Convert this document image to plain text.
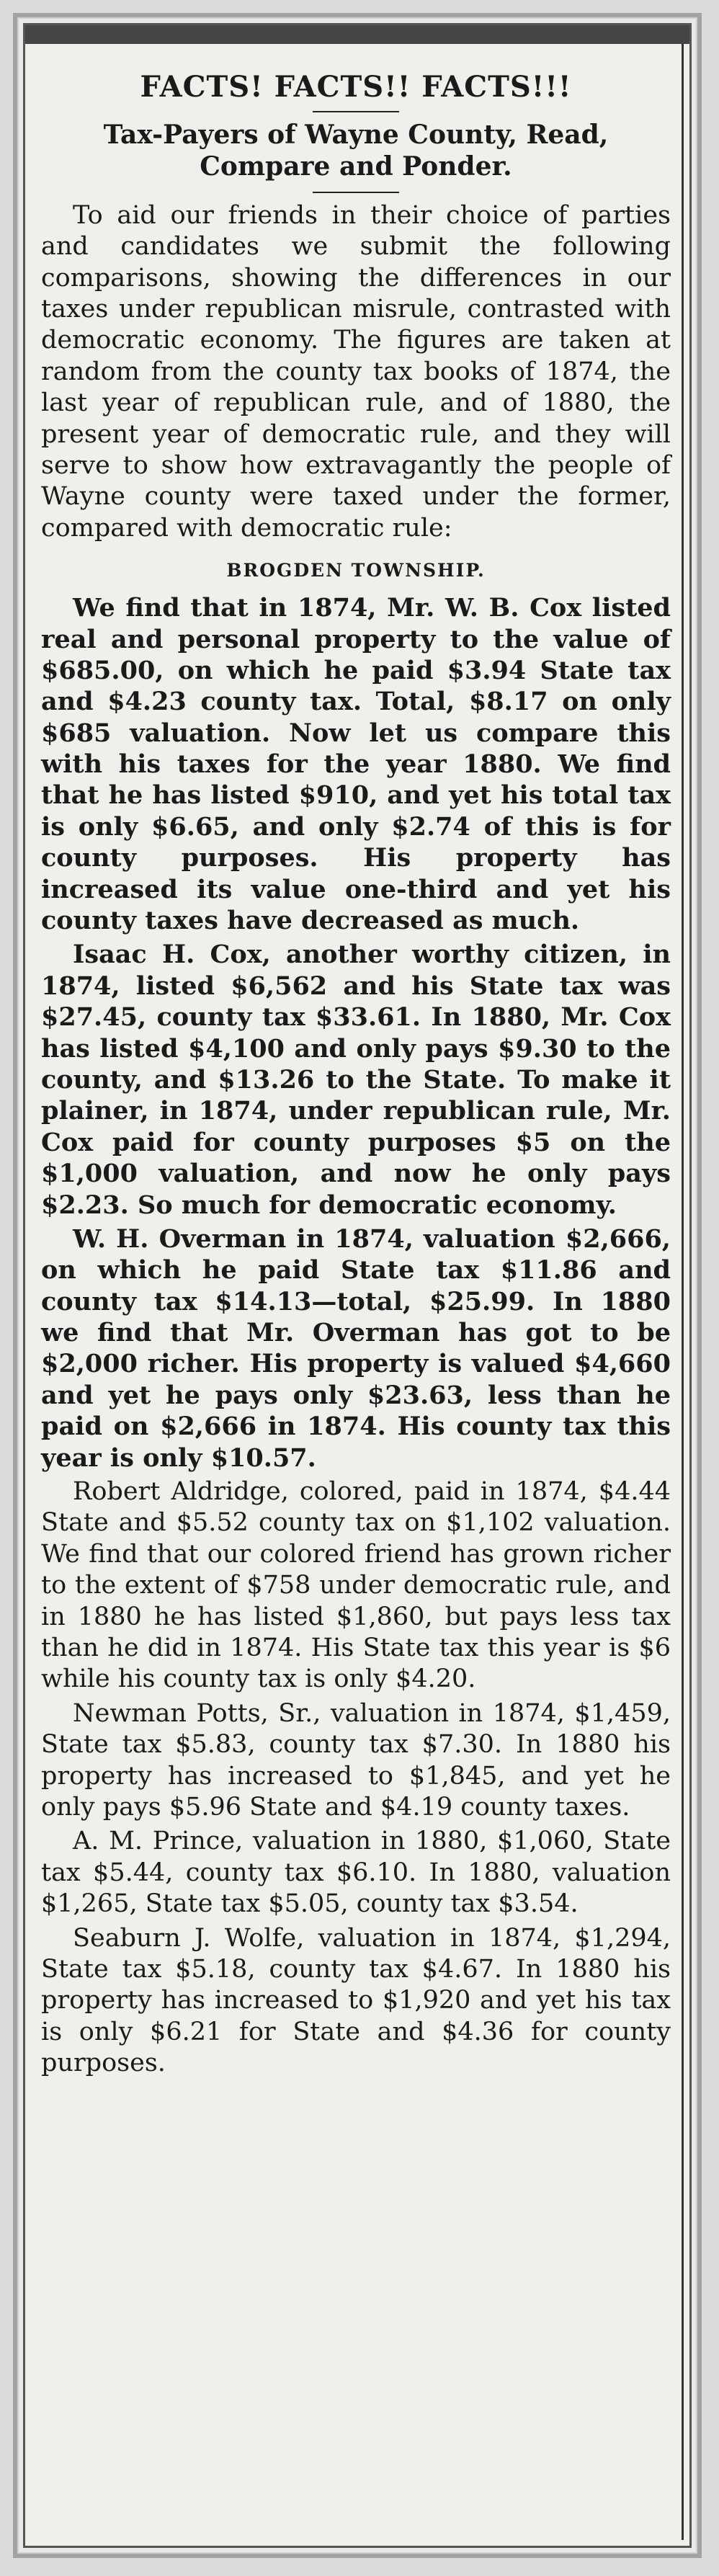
FACTS! FACTS!! FACTS!!!
Tax-Payers of Wayne County, Read, Compare and Ponder.

To aid our friends in their choice of parties and candidates we submit the following comparisons, showing the differences in our taxes under republican misrule, contrasted with democratic economy. The figures are taken at random from the county tax books of 1874, the last year of republican rule, and of 1880, the present year of democratic rule, and they will serve to show how extravagantly the people of Wayne county were taxed under the former, compared with democratic rule:

BROGDEN TOWNSHIP.

We find that in 1874, Mr. W. B. Cox listed real and personal property to the value of $685.00, on which he paid $3.94 State tax and $4.23 county tax. Total, $8.17 on only $685 valuation. Now let us compare this with his taxes for the year 1880. We find that he has listed $910, and yet his total tax is only $6.65, and only $2.74 of this is for county purposes. His property has increased its value one-third and yet his county taxes have decreased as much.

Isaac H. Cox, another worthy citizen, in 1874, listed $6,562 and his State tax was $27.45, county tax $33.61. In 1880, Mr. Cox has listed $4,100 and only pays $9.30 to the county, and $13.26 to the State. To make it plainer, in 1874, under republican rule, Mr. Cox paid for county purposes $5 on the $1,000 valuation, and now he only pays $2.23. So much for democratic economy.

W. H. Overman in 1874, valuation $2,666, on which he paid State tax $11.86 and county tax $14.13—total, $25.99. In 1880 we find that Mr. Overman has got to be $2,000 richer. His property is valued $4,660 and yet he pays only $23.63, less than he paid on $2,666 in 1874. His county tax this year is only $10.57.

Robert Aldridge, colored, paid in 1874, $4.44 State and $5.52 county tax on $1,102 valuation. We find that our colored friend has grown richer to the extent of $758 under democratic rule, and in 1880 he has listed $1,860, but pays less tax than he did in 1874. His State tax this year is $6 while his county tax is only $4.20.

Newman Potts, Sr., valuation in 1874, $1,459, State tax $5.83, county tax $7.30. In 1880 his property has increased to $1,845, and yet he only pays $5.96 State and $4.19 county taxes.

A. M. Prince, valuation in 1880, $1,060, State tax $5.44, county tax $6.10. In 1880, valuation $1,265, State tax $5.05, county tax $3.54.

Seaburn J. Wolfe, valuation in 1874, $1,294, State tax $5.18, county tax $4.67. In 1880 his property has increased to $1,920 and yet his tax is only $6.21 for State and $4.36 for county purposes.
